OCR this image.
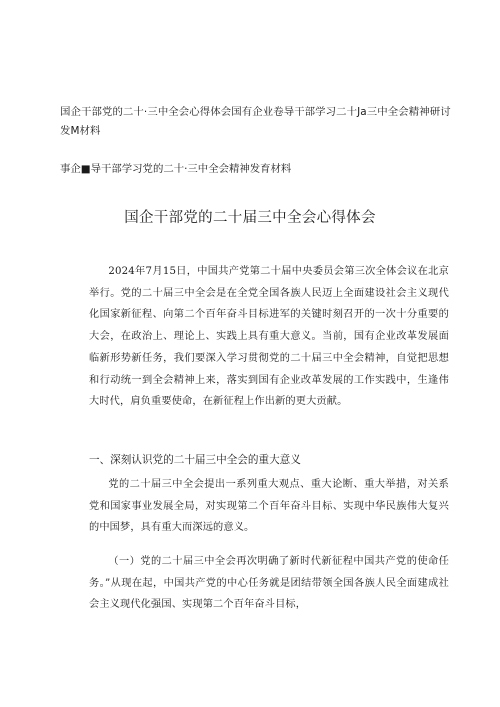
国企干部党的二十·三中全会心得体会国有企业卷导干部学习二十Ja三中全会精神研讨发M材料

事企■导干部学习党的二十·三中全会精神发育材料

国企干部党的二十届三中全会心得体会

2024年7月15日，中国共产党第二十届中央委员会第三次全体会议在北京举行。党的二十届三中全会是在全党全国各族人民迈上全面建设社会主义现代化国家新征程、向第二个百年奋斗目标进军的关键时刻召开的一次十分重要的大会，在政治上、理论上、实践上具有重大意义。当前，国有企业改革发展面临新形势新任务，我们要深入学习贯彻党的二十届三中全会精神，自觉把思想和行动统一到全会精神上来，落实到国有企业改革发展的工作实践中，生逢伟大时代，肩负重要使命，在新征程上作出新的更大贡献。

一、深刻认识党的二十届三中全会的重大意义

党的二十届三中全会提出一系列重大观点、重大论断、重大举措，对关系党和国家事业发展全局，对实现第二个百年奋斗目标、实现中华民族伟大复兴的中国梦，具有重大而深远的意义。

（一）党的二十届三中全会再次明确了新时代新征程中国共产党的使命任务。”从现在起，中国共产党的中心任务就是团结带领全国各族人民全面建成社会主义现代化强国、实现第二个百年奋斗目标，
